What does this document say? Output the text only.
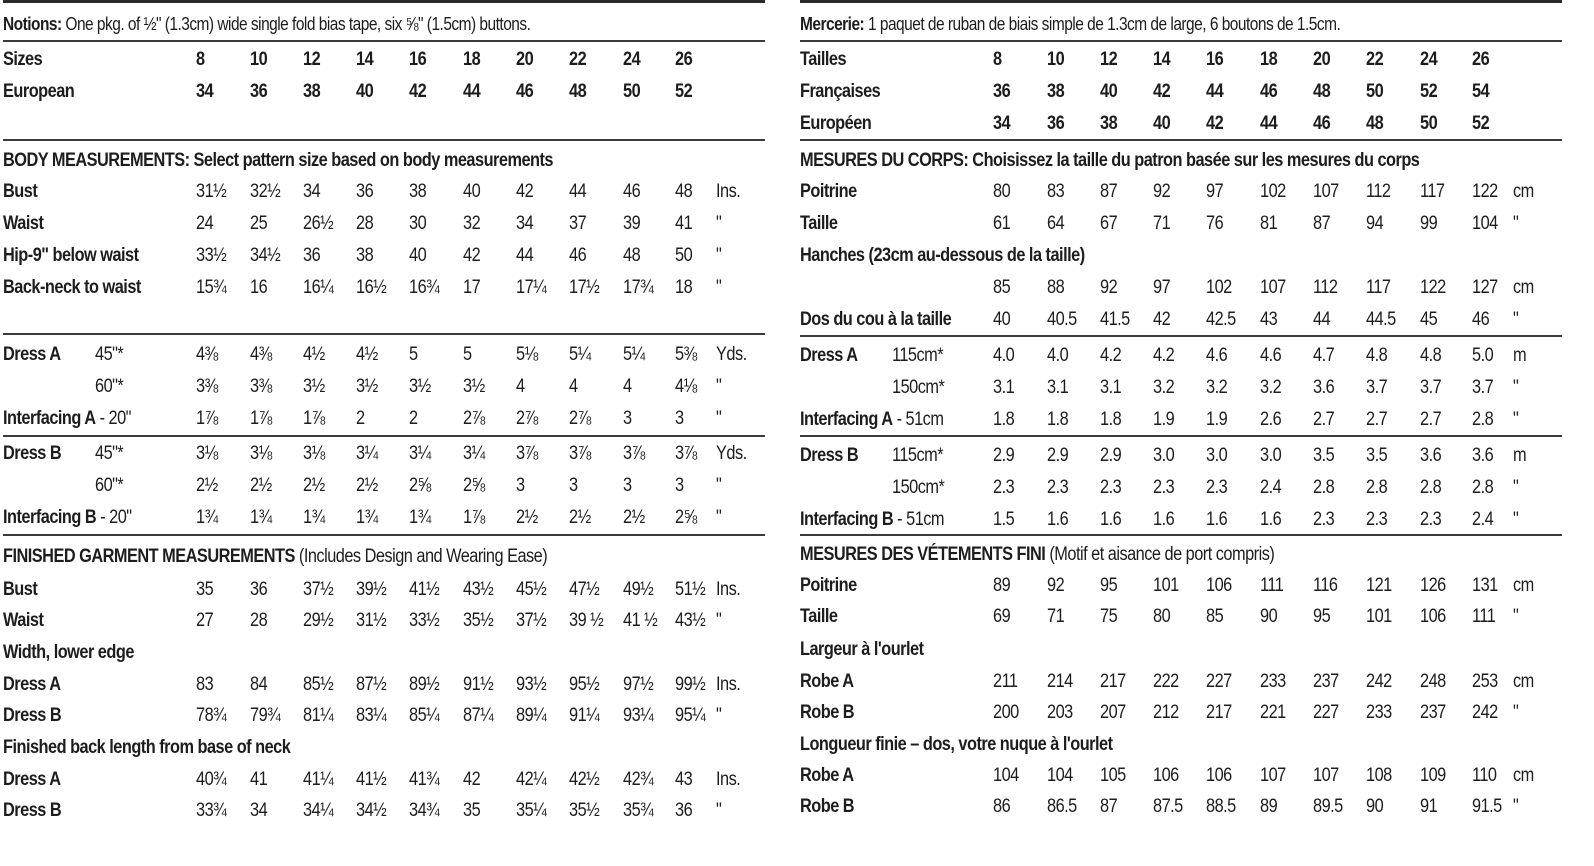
Notions: One pkg. of ½" (1.3cm) wide single fold bias tape, six ⅝" (1.5cm) buttons.
Sizes	8 10 12 14 16 18 20 22 24 26
European	34 36 38 40 42 44 46 48 50 52
BODY MEASUREMENTS: Select pattern size based on body measurements
Bust	31½ 32½ 34 36 38 40 42 44 46 48 Ins.
Waist	24 25 26½ 28 30 32 34 37 39 41 "
Hip-9" below waist	33½ 34½ 36 38 40 42 44 46 48 50 "
Back-neck to waist	15¾ 16 16¼ 16½ 16¾ 17 17¼ 17½ 17¾ 18 "
Dress A 45"*	4⅜ 4⅜ 4½ 4½ 5 5 5⅛ 5¼ 5¼ 5⅜ Yds.
60"*	3⅜ 3⅜ 3½ 3½ 3½ 3½ 4 4 4 4⅛ "
Interfacing A - 20"	1⅞ 1⅞ 1⅞ 2 2 2⅞ 2⅞ 2⅞ 3 3 "
Dress B 45"*	3⅛ 3⅛ 3⅛ 3¼ 3¼ 3¼ 3⅞ 3⅞ 3⅞ 3⅞ Yds.
60"*	2½ 2½ 2½ 2½ 2⅝ 2⅝ 3 3 3 3 "
Interfacing B - 20"	1¾ 1¾ 1¾ 1¾ 1¾ 1⅞ 2½ 2½ 2½ 2⅝ "
FINISHED GARMENT MEASUREMENTS (Includes Design and Wearing Ease)
Bust	35 36 37½ 39½ 41½ 43½ 45½ 47½ 49½ 51½ Ins.
Waist	27 28 29½ 31½ 33½ 35½ 37½ 39 ½ 41 ½ 43½ "
Width, lower edge
Dress A	83 84 85½ 87½ 89½ 91½ 93½ 95½ 97½ 99½ Ins.
Dress B	78¾ 79¾ 81¼ 83¼ 85¼ 87¼ 89¼ 91¼ 93¼ 95¼ "
Finished back length from base of neck
Dress A	40¾ 41 41¼ 41½ 41¾ 42 42¼ 42½ 42¾ 43 Ins.
Dress B	33¾ 34 34¼ 34½ 34¾ 35 35¼ 35½ 35¾ 36 "
Mercerie: 1 paquet de ruban de biais simple de 1.3cm de large, 6 boutons de 1.5cm.
Tailles	8 10 12 14 16 18 20 22 24 26
Françaises	36 38 40 42 44 46 48 50 52 54
Européen	34 36 38 40 42 44 46 48 50 52
MESURES DU CORPS: Choisissez la taille du patron basée sur les mesures du corps
Poitrine	80 83 87 92 97 102 107 112 117 122 cm
Taille	61 64 67 71 76 81 87 94 99 104 "
Hanches (23cm au-dessous de la taille)
85 88 92 97 102 107 112 117 122 127 cm
Dos du cou à la taille 40 40.5 41.5 42 42.5 43 44 44.5 45 46 "
Dress A 115cm*	4.0 4.0 4.2 4.2 4.6 4.6 4.7 4.8 4.8 5.0 m
150cm*	3.1 3.1 3.1 3.2 3.2 3.2 3.6 3.7 3.7 3.7 "
Interfacing A - 51cm	1.8 1.8 1.8 1.9 1.9 2.6 2.7 2.7 2.7 2.8 "
Dress B 115cm*	2.9 2.9 2.9 3.0 3.0 3.0 3.5 3.5 3.6 3.6 m
150cm*	2.3 2.3 2.3 2.3 2.3 2.4 2.8 2.8 2.8 2.8 "
Interfacing B - 51cm	1.5 1.6 1.6 1.6 1.6 1.6 2.3 2.3 2.3 2.4 "
MESURES DES VÉTEMENTS FINI (Motif et aisance de port compris)
Poitrine	89 92 95 101 106 111 116 121 126 131 cm
Taille	69 71 75 80 85 90 95 101 106 111 "
Largeur à l'ourlet
Robe A	211 214 217 222 227 233 237 242 248 253 cm
Robe B	200 203 207 212 217 221 227 233 237 242 "
Longueur finie – dos, votre nuque à l'ourlet
Robe A	104 104 105 106 106 107 107 108 109 110 cm
Robe B	86 86.5 87 87.5 88.5 89 89.5 90 91 91.5 "
